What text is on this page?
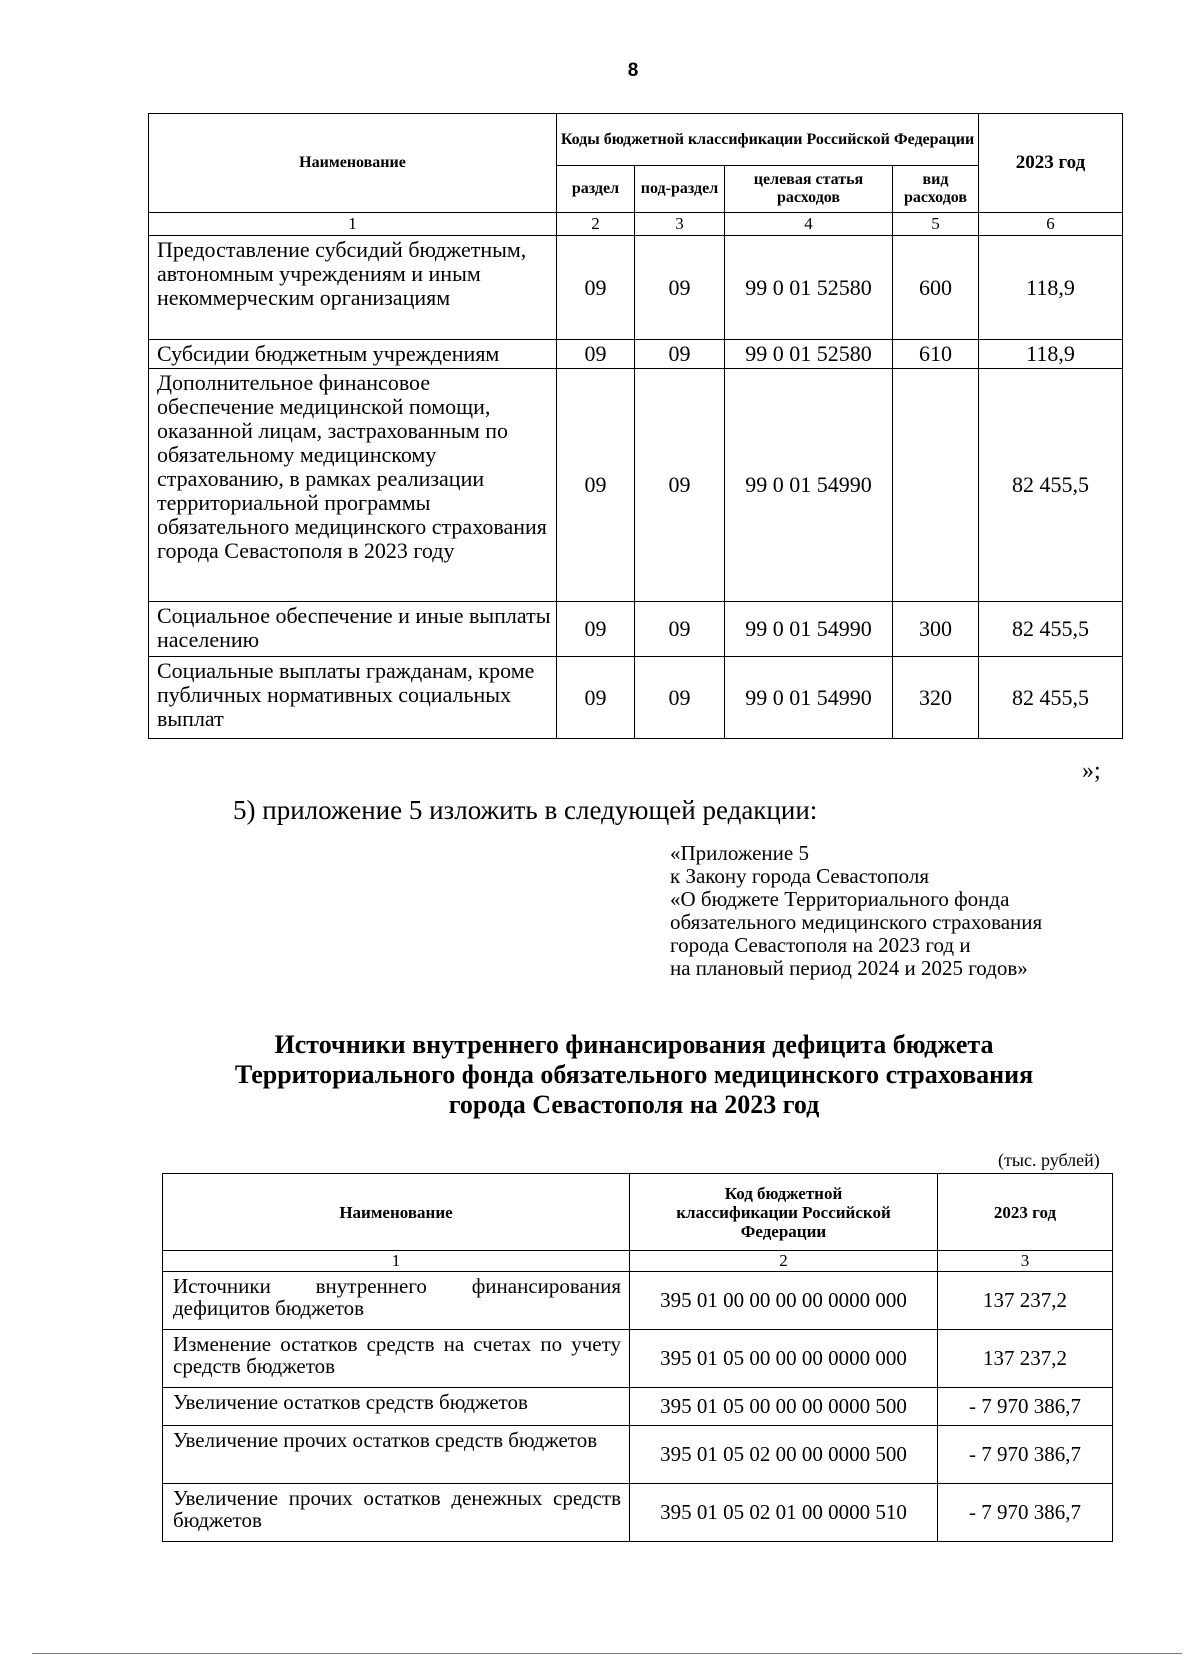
8
Наименование	Коды бюджетной классификации Российской Федерации				2023 год
	раздел	под-раздел	целевая статья расходов	вид расходов	
1	2	3	4	5	6
Предоставление субсидий бюджетным, автономным учреждениям и иным некоммерческим организациям	09	09	99 0 01 52580	600	118,9
Субсидии бюджетным учреждениям	09	09	99 0 01 52580	610	118,9
Дополнительное финансовое обеспечение медицинской помощи, оказанной лицам, застрахованным по обязательному медицинскому страхованию, в рамках реализации территориальной программы обязательного медицинского страхования города Севастополя в 2023 году	09	09	99 0 01 54990		82 455,5
Социальное обеспечение и иные выплаты населению	09	09	99 0 01 54990	300	82 455,5
Социальные выплаты гражданам, кроме публичных нормативных социальных выплат	09	09	99 0 01 54990	320	82 455,5
»;
5) приложение 5 изложить в следующей редакции:
«Приложение 5
к Закону города Севастополя
«О бюджете Территориального фонда
обязательного медицинского страхования
города Севастополя на 2023 год и
на плановый период 2024 и 2025 годов»
Источники внутреннего финансирования дефицита бюджета
Территориального фонда обязательного медицинского страхования
города Севастополя на 2023 год
(тыс. рублей)
Наименование	Код бюджетной классификации Российской Федерации	2023 год
1	2	3
Источники внутреннего финансирования дефицитов бюджетов	395 01 00 00 00 00 0000 000	137 237,2
Изменение остатков средств на счетах по учету средств бюджетов	395 01 05 00 00 00 0000 000	137 237,2
Увеличение остатков средств бюджетов	395 01 05 00 00 00 0000 500	- 7 970 386,7
Увеличение прочих остатков средств бюджетов	395 01 05 02 00 00 0000 500	- 7 970 386,7
Увеличение прочих остатков денежных средств бюджетов	395 01 05 02 01 00 0000 510	- 7 970 386,7
